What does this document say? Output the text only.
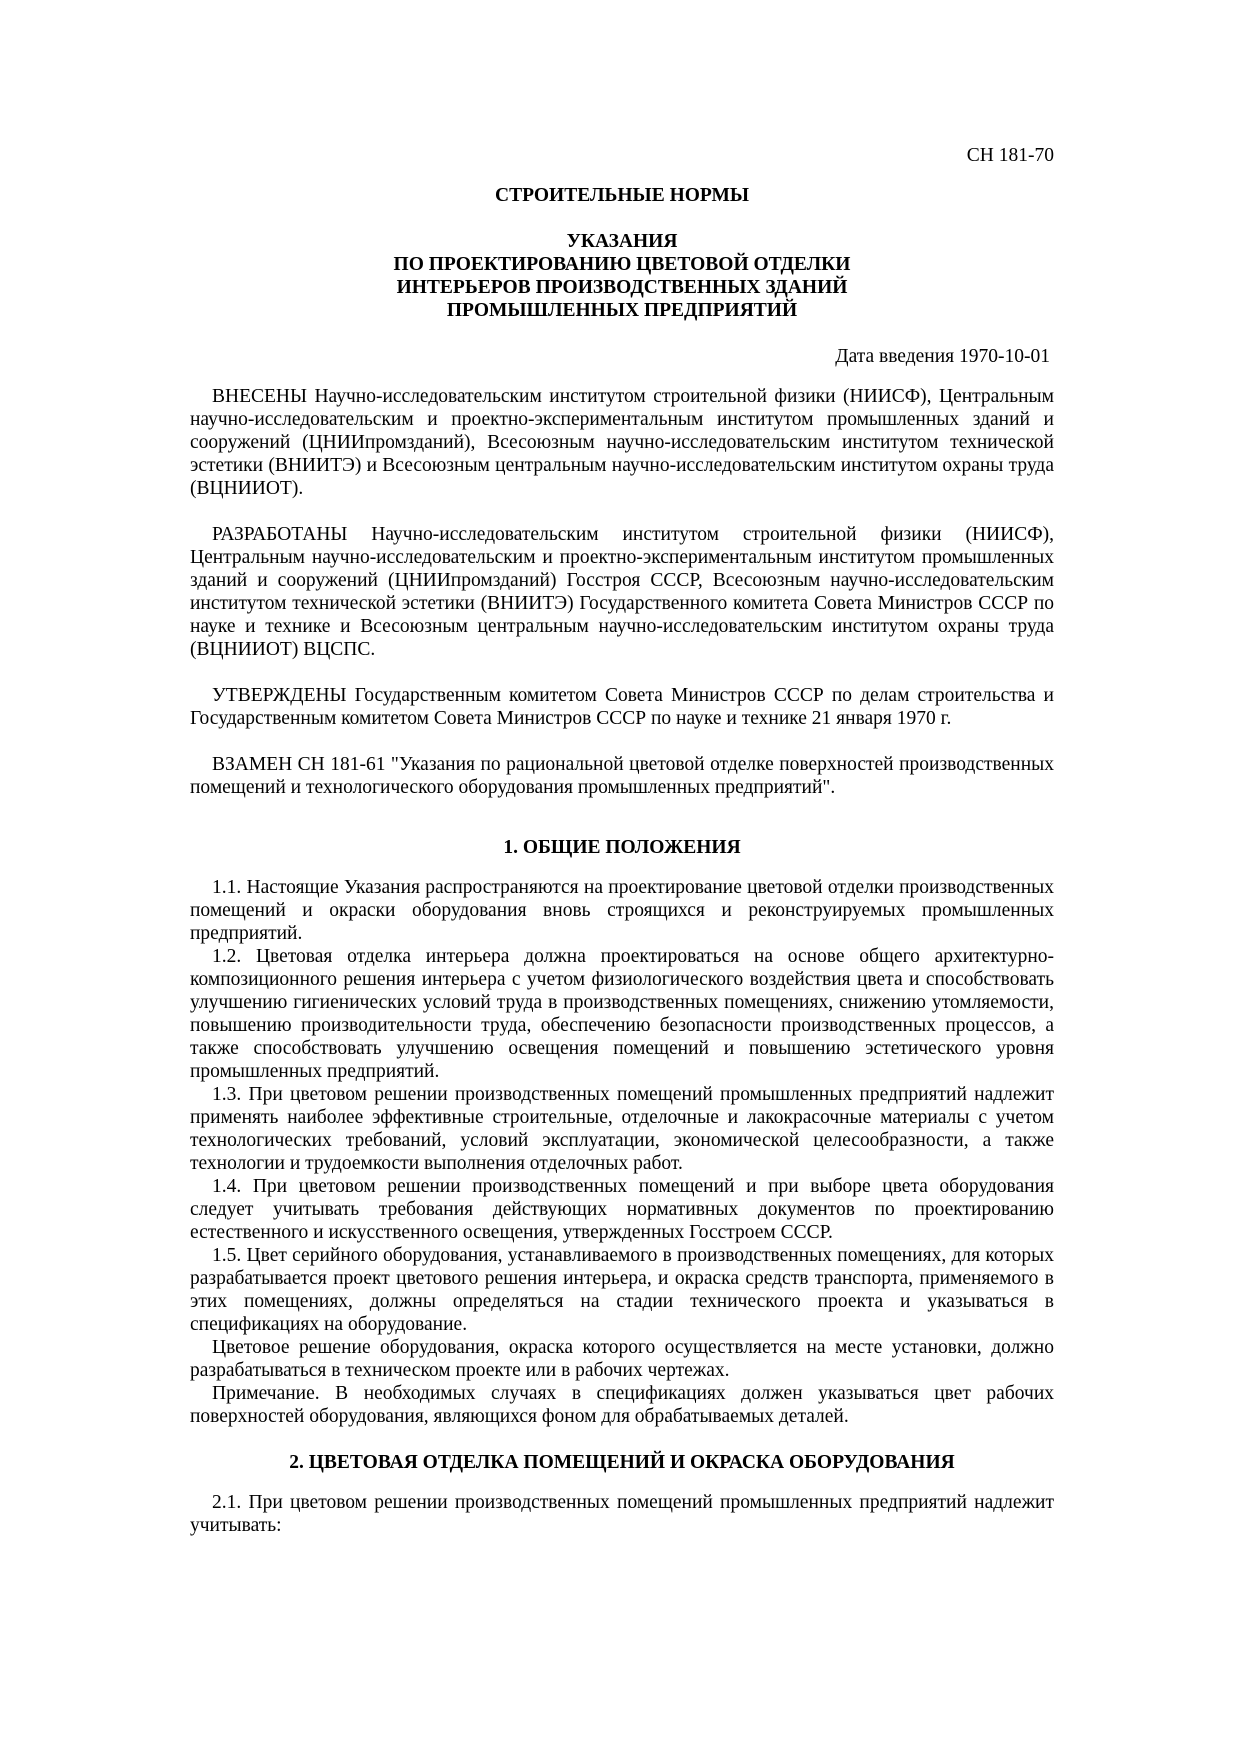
СН 181-70
СТРОИТЕЛЬНЫЕ НОРМЫ
УКАЗАНИЯ
ПО ПРОЕКТИРОВАНИЮ ЦВЕТОВОЙ ОТДЕЛКИ
ИНТЕРЬЕРОВ ПРОИЗВОДСТВЕННЫХ ЗДАНИЙ
ПРОМЫШЛЕННЫХ ПРЕДПРИЯТИЙ
Дата введения 1970-10-01

ВНЕСЕНЫ Научно-исследовательским институтом строительной физики (НИИСФ), Центральным научно-исследовательским и проектно-экспериментальным институтом промышленных зданий и сооружений (ЦНИИпромзданий), Всесоюзным научно-исследовательским институтом технической эстетики (ВНИИТЭ) и Всесоюзным центральным научно-исследовательским институтом охраны труда (ВЦНИИОТ).

РАЗРАБОТАНЫ Научно-исследовательским институтом строительной физики (НИИСФ), Центральным научно-исследовательским и проектно-экспериментальным институтом промышленных зданий и сооружений (ЦНИИпромзданий) Госстроя СССР, Всесоюзным научно-исследовательским институтом технической эстетики (ВНИИТЭ) Государственного комитета Совета Министров СССР по науке и технике и Всесоюзным центральным научно-исследовательским институтом охраны труда (ВЦНИИОТ) ВЦСПС.

УТВЕРЖДЕНЫ Государственным комитетом Совета Министров СССР по делам строительства и Государственным комитетом Совета Министров СССР по науке и технике 21 января 1970 г.

ВЗАМЕН СН 181-61 "Указания по рациональной цветовой отделке поверхностей производственных помещений и технологического оборудования промышленных предприятий".

1. ОБЩИЕ ПОЛОЖЕНИЯ

1.1. Настоящие Указания распространяются на проектирование цветовой отделки производственных помещений и окраски оборудования вновь строящихся и реконструируемых промышленных предприятий.

1.2. Цветовая отделка интерьера должна проектироваться на основе общего архитектурно-композиционного решения интерьера с учетом физиологического воздействия цвета и способствовать улучшению гигиенических условий труда в производственных помещениях, снижению утомляемости, повышению производительности труда, обеспечению безопасности производственных процессов, а также способствовать улучшению освещения помещений и повышению эстетического уровня промышленных предприятий.

1.3. При цветовом решении производственных помещений промышленных предприятий надлежит применять наиболее эффективные строительные, отделочные и лакокрасочные материалы с учетом технологических требований, условий эксплуатации, экономической целесообразности, а также технологии и трудоемкости выполнения отделочных работ.

1.4. При цветовом решении производственных помещений и при выборе цвета оборудования следует учитывать требования действующих нормативных документов по проектированию естественного и искусственного освещения, утвержденных Госстроем СССР.

1.5. Цвет серийного оборудования, устанавливаемого в производственных помещениях, для которых разрабатывается проект цветового решения интерьера, и окраска средств транспорта, применяемого в этих помещениях, должны определяться на стадии технического проекта и указываться в спецификациях на оборудование.

Цветовое решение оборудования, окраска которого осуществляется на месте установки, должно разрабатываться в техническом проекте или в рабочих чертежах.

Примечание. В необходимых случаях в спецификациях должен указываться цвет рабочих поверхностей оборудования, являющихся фоном для обрабатываемых деталей.

2. ЦВЕТОВАЯ ОТДЕЛКА ПОМЕЩЕНИЙ И ОКРАСКА ОБОРУДОВАНИЯ

2.1. При цветовом решении производственных помещений промышленных предприятий надлежит учитывать:
